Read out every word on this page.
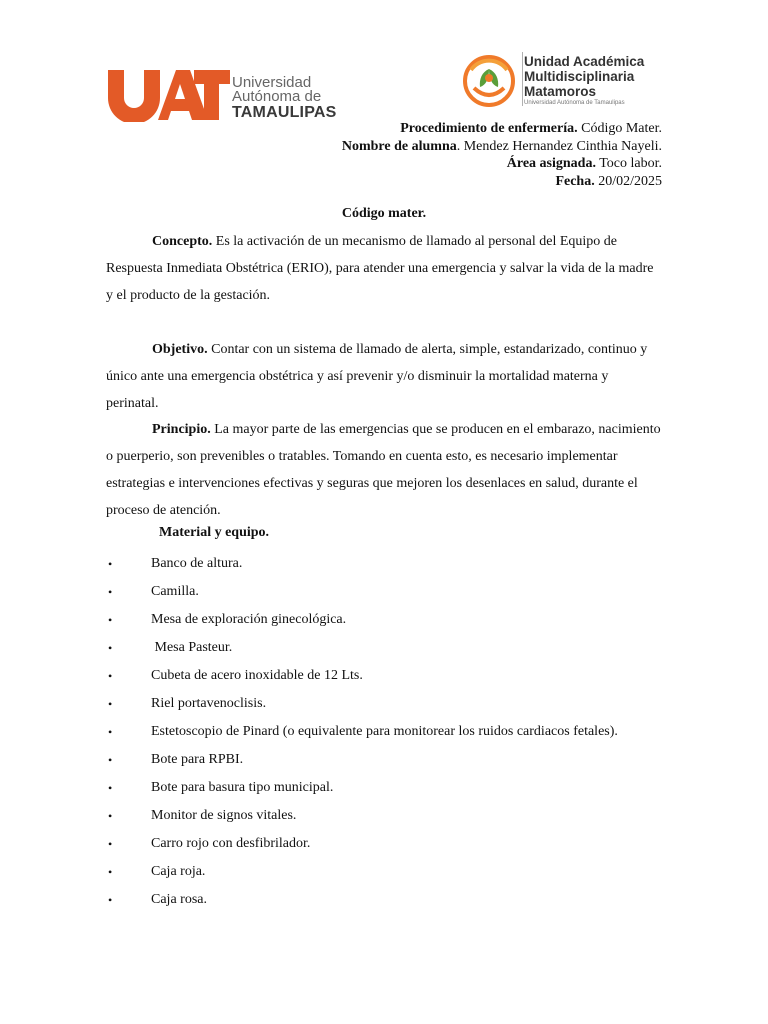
Universidad
Autónoma de
TAMAULIPAS
Unidad Académica
Multidisciplinaria
Matamoros
Universidad Autónoma de Tamaulipas
Procedimiento de enfermería. Código Mater.
Nombre de alumna. Mendez Hernandez Cinthia Nayeli.
Área asignada. Toco labor.
Fecha. 20/02/2025
Código mater.
Concepto. Es la activación de un mecanismo de llamado al personal del Equipo de Respuesta Inmediata Obstétrica (ERIO), para atender una emergencia y salvar la vida de la madre y el producto de la gestación.
Objetivo. Contar con un sistema de llamado de alerta, simple, estandarizado, continuo y único ante una emergencia obstétrica y así prevenir y/o disminuir la mortalidad materna y perinatal.
Principio. La mayor parte de las emergencias que se producen en el embarazo, nacimiento o puerperio, son prevenibles o tratables. Tomando en cuenta esto, es necesario implementar estrategias e intervenciones efectivas y seguras que mejoren los desenlaces en salud, durante el proceso de atención.
Material y equipo.
•	Banco de altura.
•	Camilla.
•	Mesa de exploración ginecológica.
•	Mesa Pasteur.
•	Cubeta de acero inoxidable de 12 Lts.
•	Riel portavenoclisis.
•	Estetoscopio de Pinard (o equivalente para monitorear los ruidos cardiacos fetales).
•	Bote para RPBI.
•	Bote para basura tipo municipal.
•	Monitor de signos vitales.
•	Carro rojo con desfibrilador.
•	Caja roja.
•	Caja rosa.
